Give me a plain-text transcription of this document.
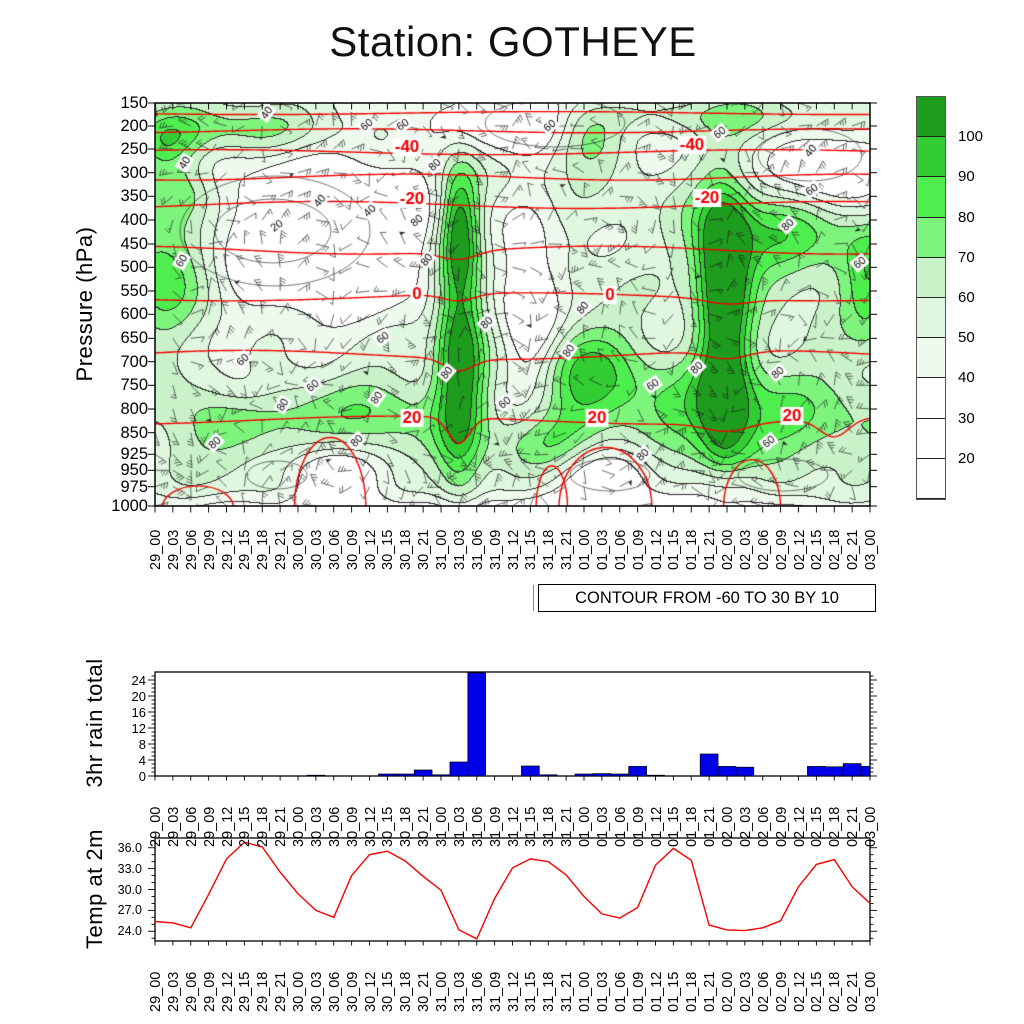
Station: GOTHEYE
Pressure (hPa)
3hr rain total
Temp at 2m
CONTOUR FROM -60 TO 30 BY 10
29_00
29_00
29_00
29_03
29_03
29_03
29_06
29_06
29_06
29_09
29_09
29_09
29_12
29_12
29_12
29_15
29_15
29_15
29_18
29_18
29_18
29_21
29_21
29_21
30_00
30_00
30_00
30_03
30_03
30_03
30_06
30_06
30_06
30_09
30_09
30_09
30_12
30_12
30_12
30_15
30_15
30_15
30_18
30_18
30_18
30_21
30_21
30_21
31_00
31_00
31_00
31_03
31_03
31_03
31_06
31_06
31_06
31_09
31_09
31_09
31_12
31_12
31_12
31_15
31_15
31_15
31_18
31_18
31_18
31_21
31_21
31_21
01_00
01_00
01_00
01_03
01_03
01_03
01_06
01_06
01_06
01_09
01_09
01_09
01_12
01_12
01_12
01_15
01_15
01_15
01_18
01_18
01_18
01_21
01_21
01_21
02_00
02_00
02_00
02_03
02_03
02_03
02_06
02_06
02_06
02_09
02_09
02_09
02_12
02_12
02_12
02_15
02_15
02_15
02_18
02_18
02_18
02_21
02_21
02_21
03_00
03_00
03_00
150
200
250
300
350
400
450
500
550
600
650
700
750
800
850
925
950
975
1000
100
90
80
70
60
50
40
30
20
0
4
8
12
16
20
24
24.0
27.0
30.0
33.0
36.0
